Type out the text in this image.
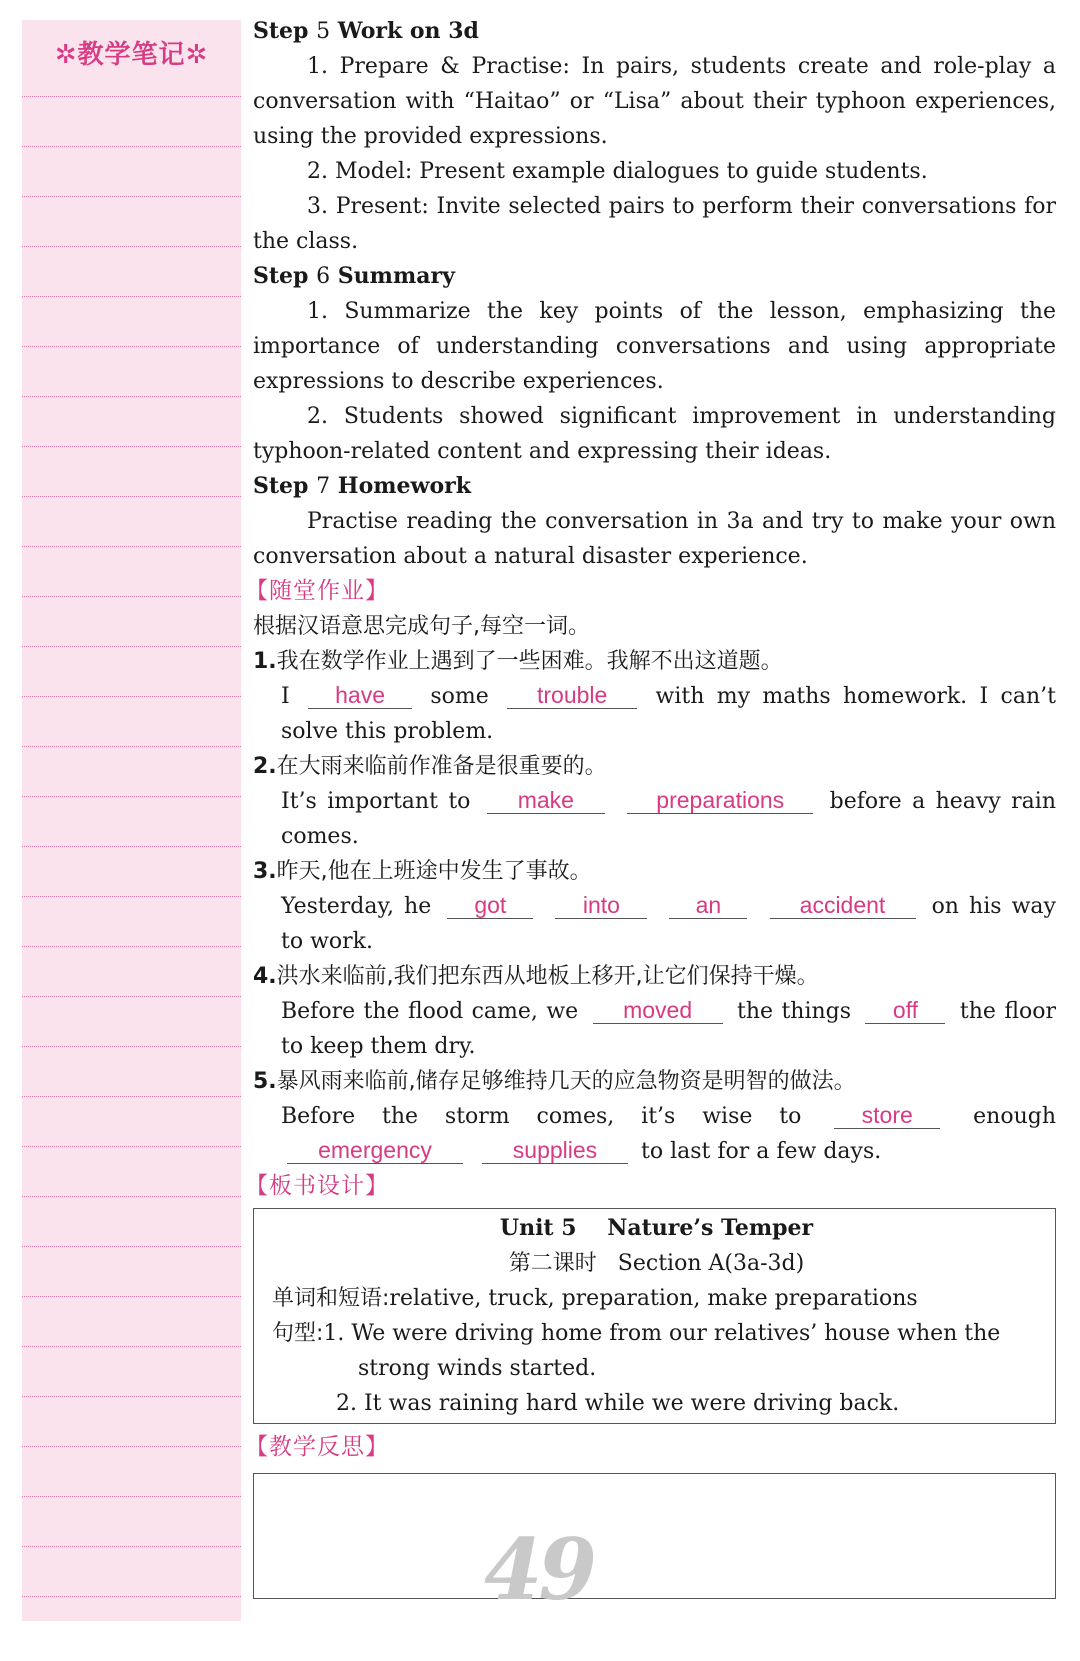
✲教学笔记✲

Step 5 Work on 3d

1. Prepare & Practise: In pairs, students create and role-play a conversation with “Haitao” or “Lisa” about their typhoon experiences, using the provided expressions.

2. Model: Present example dialogues to guide students.

3. Present: Invite selected pairs to perform their conversations for the class.

Step 6 Summary

1. Summarize the key points of the lesson, emphasizing the importance of understanding conversations and using appropriate expressions to describe experiences.

2. Students showed significant improvement in understanding typhoon-related content and expressing their ideas.

Step 7 Homework

Practise reading the conversation in 3a and try to make your own conversation about a natural disaster experience.

【随堂作业】

根据汉语意思完成句子,每空一词。

1.我在数学作业上遇到了一些困难。我解不出这道题。

I have some trouble with my maths homework. I can’t solve this problem.

2.在大雨来临前作准备是很重要的。

It’s important to make	preparations before a heavy rain comes.

3.昨天,他在上班途中发生了事故。

Yesterday, he got	into	an	accident on his way to work.

4.洪水来临前,我们把东西从地板上移开,让它们保持干燥。

Before the flood came, we moved the things off the floor to keep them dry.

5.暴风雨来临前,储存足够维持几天的应急物资是明智的做法。

Before the storm comes, it’s wise to	store	enough emergency	supplies to last for a few days.

【板书设计】

Unit 5 Nature’s Temper

第二课时 Section A(3a-3d)

单词和短语:relative, truck, preparation, make preparations

句型:1. We were driving home from our relatives’ house when the strong winds started.

2. It was raining hard while we were driving back.

【教学反思】

49
